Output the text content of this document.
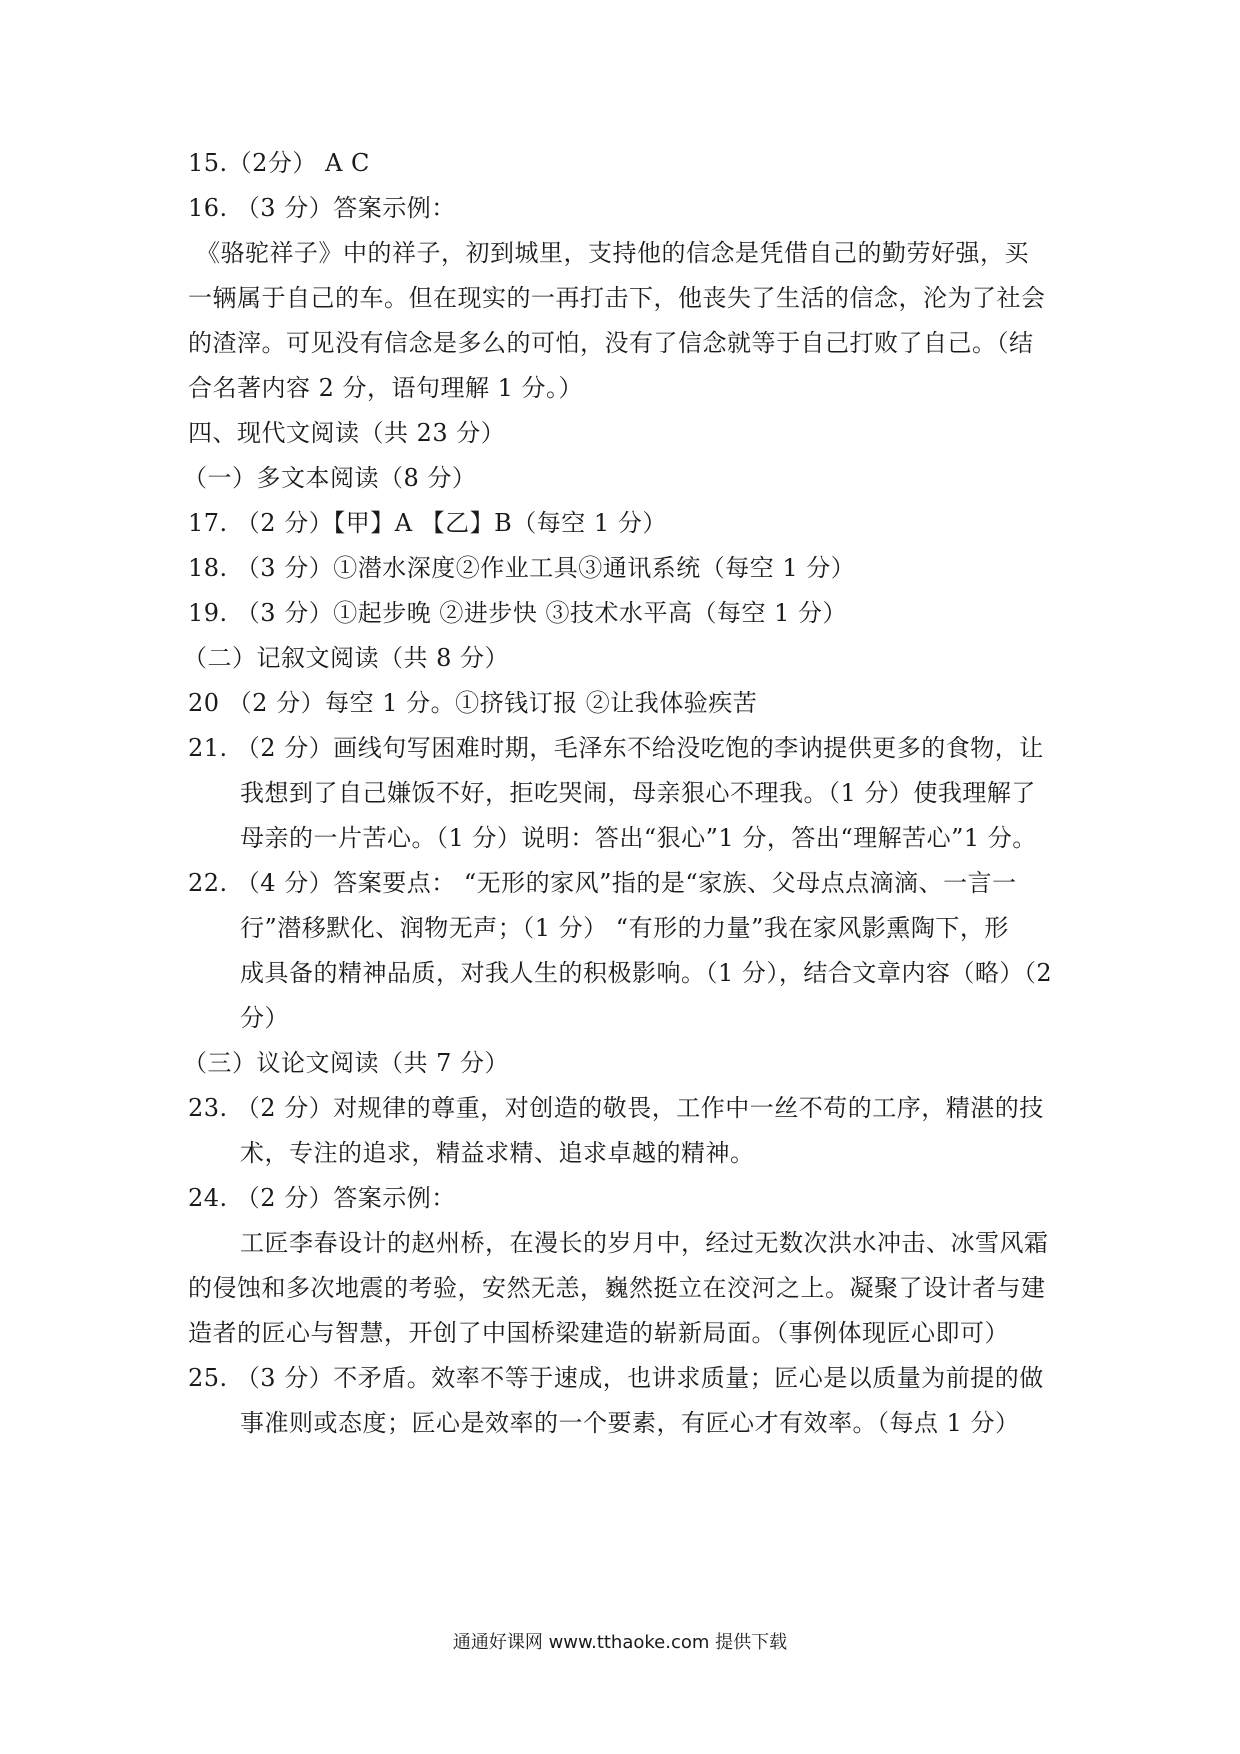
15.（2分） A C
16. （3 分）答案示例：
《骆驼祥子》中的祥子，初到城里，支持他的信念是凭借自己的勤劳好强，买
一辆属于自己的车。但在现实的一再打击下，他丧失了生活的信念，沦为了社会
的渣滓。可见没有信念是多么的可怕，没有了信念就等于自己打败了自己。（结
合名著内容 2 分，语句理解 1 分。）
四、现代文阅读（共 23 分）
（一）多文本阅读（8 分）
17. （2 分）【甲】A 【乙】B（每空 1 分）
18. （3 分）①潜水深度②作业工具③通讯系统（每空 1 分）
19. （3 分）①起步晚 ②进步快 ③技术水平高（每空 1 分）
（二）记叙文阅读（共 8 分）
20 （2 分）每空 1 分。①挤钱订报 ②让我体验疾苦
21. （2 分）画线句写困难时期，毛泽东不给没吃饱的李讷提供更多的食物，让
我想到了自己嫌饭不好，拒吃哭闹，母亲狠心不理我。（1 分）使我理解了
母亲的一片苦心。（1 分）说明：答出“狠心”1 分，答出“理解苦心”1 分。
22. （4 分）答案要点： “无形的家风”指的是“家族、父母点点滴滴、一言一
行”潜移默化、润物无声；（1 分） “有形的力量”我在家风影熏陶下，形
成具备的精神品质，对我人生的积极影响。（1 分），结合文章内容（略）（2
分）
（三）议论文阅读（共 7 分）
23. （2 分）对规律的尊重，对创造的敬畏，工作中一丝不苟的工序，精湛的技
术，专注的追求，精益求精、追求卓越的精神。
24. （2 分）答案示例：
工匠李春设计的赵州桥，在漫长的岁月中，经过无数次洪水冲击、冰雪风霜
的侵蚀和多次地震的考验，安然无恙，巍然挺立在洨河之上。凝聚了设计者与建
造者的匠心与智慧，开创了中国桥梁建造的崭新局面。（事例体现匠心即可）
25. （3 分）不矛盾。效率不等于速成，也讲求质量；匠心是以质量为前提的做
事准则或态度；匠心是效率的一个要素，有匠心才有效率。（每点 1 分）
通通好课网 www.tthaoke.com 提供下载
